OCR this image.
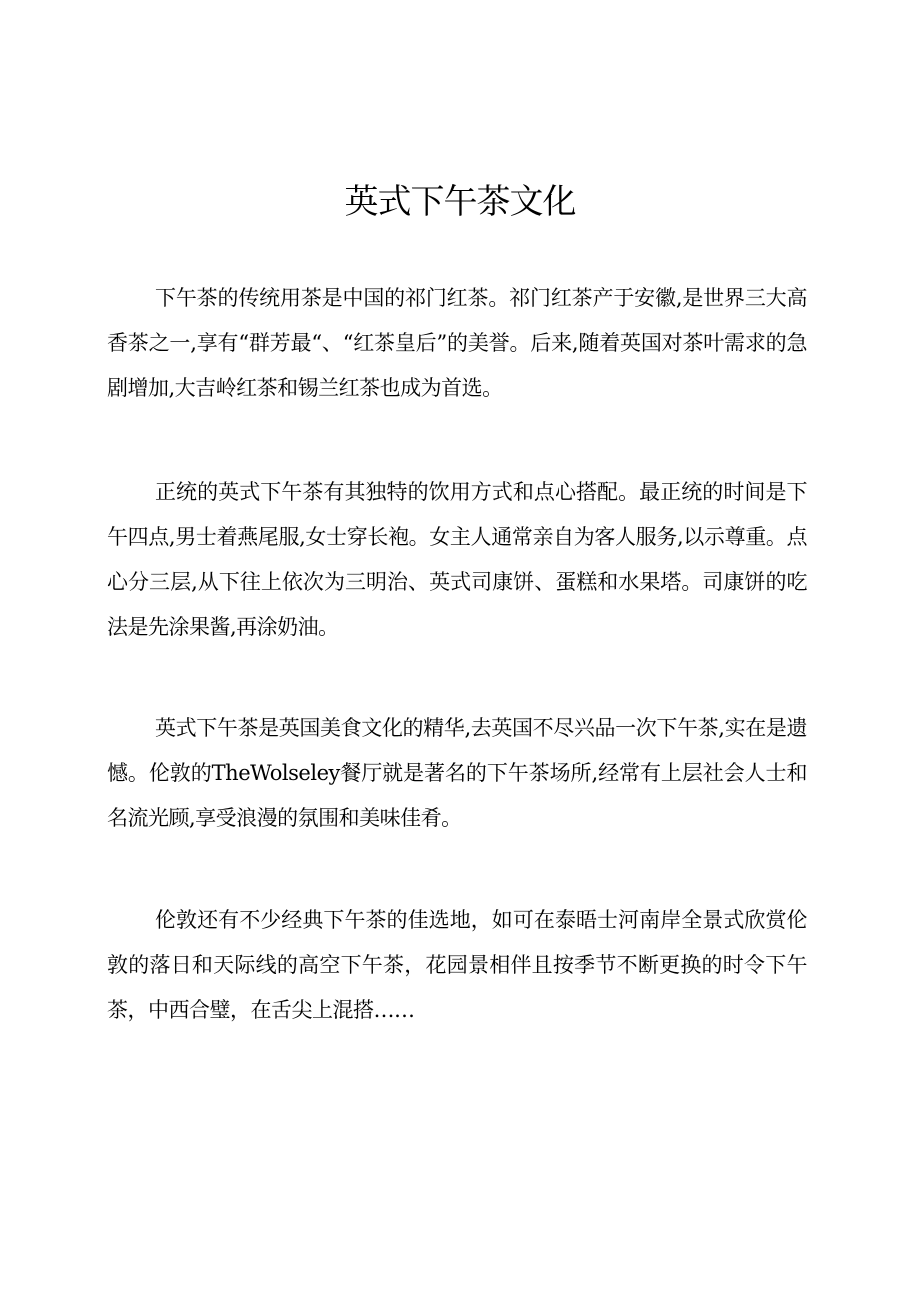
英式下午茶文化

下午茶的传统用茶是中国的祁门红茶。祁门红茶产于安徽,是世界三大高香茶之一,享有“群芳最“、“红茶皇后”的美誉。后来,随着英国对茶叶需求的急剧增加,大吉岭红茶和锡兰红茶也成为首选。

正统的英式下午茶有其独特的饮用方式和点心搭配。最正统的时间是下午四点,男士着燕尾服,女士穿长袍。女主人通常亲自为客人服务,以示尊重。点心分三层,从下往上依次为三明治、英式司康饼、蛋糕和水果塔。司康饼的吃法是先涂果酱,再涂奶油。

英式下午茶是英国美食文化的精华,去英国不尽兴品一次下午茶,实在是遗憾。伦敦的TheWolseley餐厅就是著名的下午茶场所,经常有上层社会人士和名流光顾,享受浪漫的氛围和美味佳肴。

伦敦还有不少经典下午茶的佳选地，如可在泰晤士河南岸全景式欣赏伦敦的落日和天际线的高空下午茶，花园景相伴且按季节不断更换的时令下午茶，中西合璧，在舌尖上混搭……
